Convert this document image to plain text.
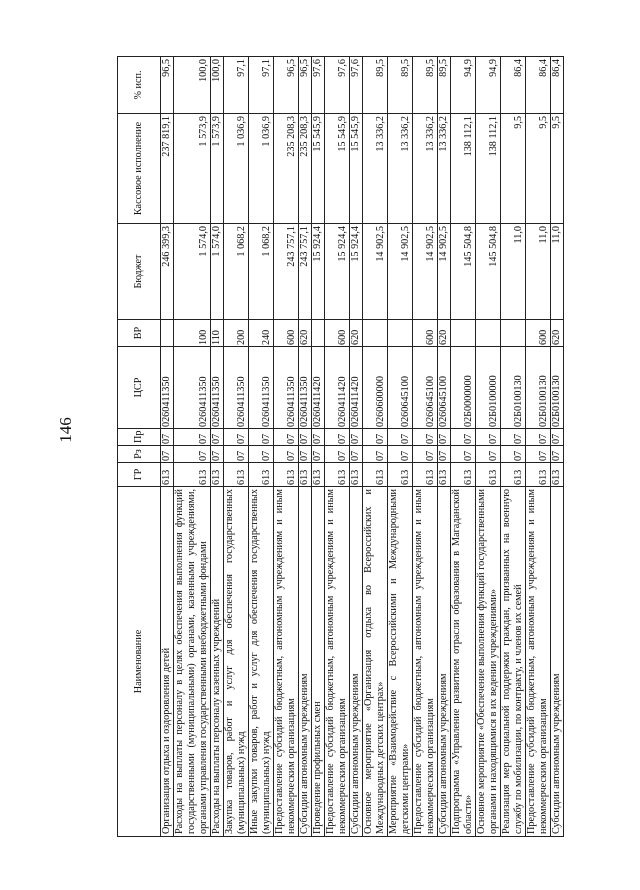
146
Наименование	ГР	Рз	Пр	ЦСР	ВР	Бюджет	Кассовое исполнение	% исп.
Организация отдыха и оздоровления детей	613	07	07	0260411350		246 399,3	237 819,1	96,5
Расходы на выплаты персоналу в целях обеспечения выполнения функций государственными (муниципальными) органами, казенными учреждениями, органами управления государственными внебюджетными фондами	613	07	07	0260411350	100	1 574,0	1 573,9	100,0
Расходы на выплаты персоналу казенных учреждений	613	07	07	0260411350	110	1 574,0	1 573,9	100,0
Закупка товаров, работ и услуг для обеспечения государственных (муниципальных) нужд	613	07	07	0260411350	200	1 068,2	1 036,9	97,1
Иные закупки товаров, работ и услуг для обеспечения государственных (муниципальных) нужд	613	07	07	0260411350	240	1 068,2	1 036,9	97,1
Предоставление субсидий бюджетным, автономным учреждениям и иным некоммерческим организациям	613	07	07	0260411350	600	243 757,1	235 208,3	96,5
Субсидии автономным учреждениям	613	07	07	0260411350	620	243 757,1	235 208,3	96,5
Проведение профильных смен	613	07	07	0260411420		15 924,4	15 545,9	97,6
Предоставление субсидий бюджетным, автономным учреждениям и иным некоммерческим организациям	613	07	07	0260411420	600	15 924,4	15 545,9	97,6
Субсидии автономным учреждениям	613	07	07	0260411420	620	15 924,4	15 545,9	97,6
Основное мероприятие «Организация отдыха во Всероссийских и Международных детских центрах»	613	07	07	0260600000		14 902,5	13 336,2	89,5
Мероприятие «Взаимодействие с Всероссийскими и Международными детскими центрами»	613	07	07	0260645100		14 902,5	13 336,2	89,5
Предоставление субсидий бюджетным, автономным учреждениям и иным некоммерческим организациям	613	07	07	0260645100	600	14 902,5	13 336,2	89,5
Субсидии автономным учреждениям	613	07	07	0260645100	620	14 902,5	13 336,2	89,5
Подпрограмма «Управление развитием отрасли образования в Магаданской области»	613	07	07	02Б0000000		145 504,8	138 112,1	94,9
Основное мероприятие «Обеспечение выполнения функций государственными органами и находящимися в их ведении учреждениями»	613	07	07	02Б0100000		145 504,8	138 112,1	94,9
Реализация мер социальной поддержки граждан, призванных на военную службу по мобилизации, по контракту, и членов их семей	613	07	07	02Б0100130		11,0	9,5	86,4
Предоставление субсидий бюджетным, автономным учреждениям и иным некоммерческим организациям	613	07	07	02Б0100130	600	11,0	9,5	86,4
Субсидии автономным учреждениям	613	07	07	02Б0100130	620	11,0	9,5	86,4
